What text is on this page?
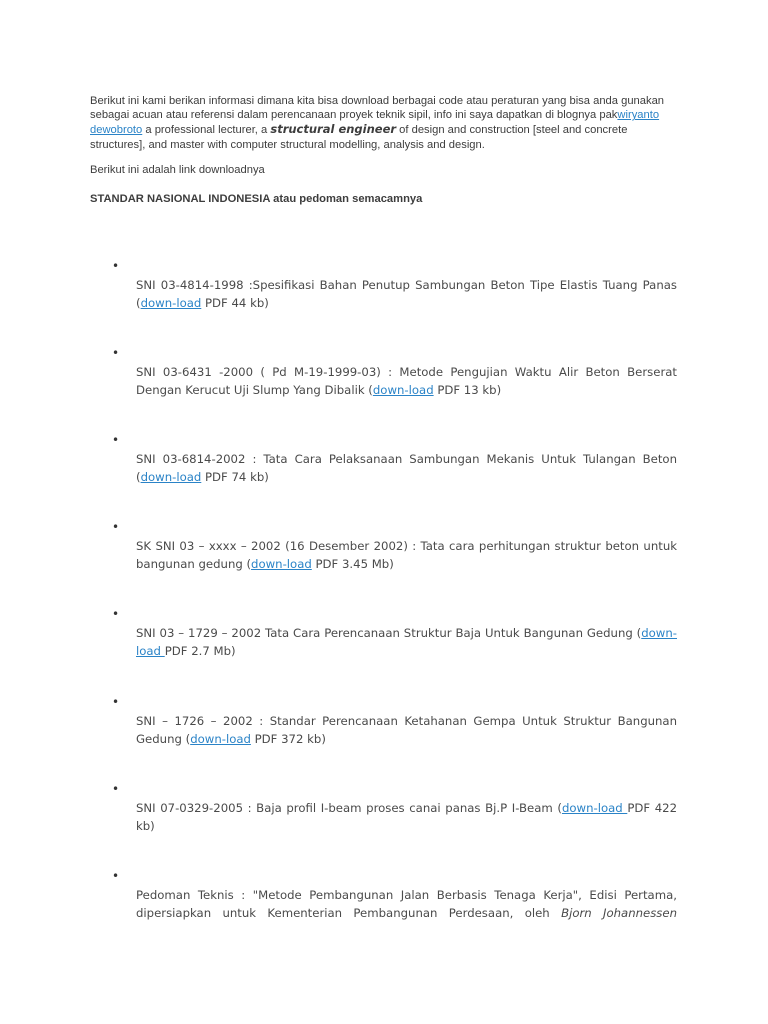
Berikut ini kami berikan informasi dimana kita bisa download berbagai code atau peraturan yang bisa anda gunakan sebagai acuan atau referensi dalam perencanaan proyek teknik sipil, info ini saya dapatkan di blognya pakwiryanto dewobroto a professional lecturer, a structural engineer of design and construction [steel and concrete structures], and master with computer structural modelling, analysis and design.

Berikut ini adalah link downloadnya
STANDAR NASIONAL INDONESIA atau pedoman semacamnya
•
SNI 03-4814-1998 :Spesifikasi Bahan Penutup Sambungan Beton Tipe Elastis Tuang Panas (down-load PDF 44 kb)
•
SNI 03-6431 -2000 ( Pd M-19-1999-03) : Metode Pengujian Waktu Alir Beton Berserat Dengan Kerucut Uji Slump Yang Dibalik (down-load PDF 13 kb)
•
SNI 03-6814-2002 : Tata Cara Pelaksanaan Sambungan Mekanis Untuk Tulangan Beton (down-load PDF 74 kb)
•
SK SNI 03 – xxxx – 2002 (16 Desember 2002) : Tata cara perhitungan struktur beton untuk bangunan gedung (down-load PDF 3.45 Mb)
•
SNI 03 – 1729 – 2002 Tata Cara Perencanaan Struktur Baja Untuk Bangunan Gedung (down-load PDF 2.7 Mb)
•
SNI – 1726 – 2002 : Standar Perencanaan Ketahanan Gempa Untuk Struktur Bangunan Gedung (down-load PDF 372 kb)
•
SNI 07-0329-2005 : Baja profil I-beam proses canai panas Bj.P I-Beam (down-load PDF 422 kb)
•
Pedoman Teknis : "Metode Pembangunan Jalan Berbasis Tenaga Kerja", Edisi Pertama, dipersiapkan untuk Kementerian Pembangunan Perdesaan, oleh Bjorn Johannessen
